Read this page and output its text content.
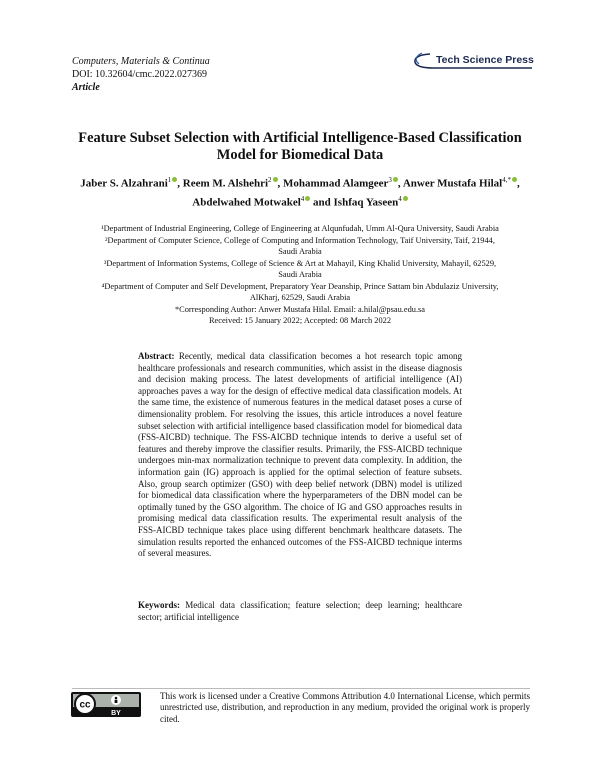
Computers, Materials & Continua
DOI: 10.32604/cmc.2022.027369
Article
Tech Science Press
Feature Subset Selection with Artificial Intelligence-Based Classification
Model for Biomedical Data
Jaber S. Alzahrani$^1$ , Reem M. Alshehri$^2$ , Mohammad Alamgeer$^3$ , Anwer Mustafa Hilal$^{4,*}$ ,
Abdelwahed Motwakel$^4$ and Ishfaq Yaseen$^4$
¹Department of Industrial Engineering, College of Engineering at Alqunfudah, Umm Al-Qura University, Saudi Arabia
²Department of Computer Science, College of Computing and Information Technology, Taif University, Taif, 21944,
Saudi Arabia
³Department of Information Systems, College of Science & Art at Mahayil, King Khalid University, Mahayil, 62529,
Saudi Arabia
⁴Department of Computer and Self Development, Preparatory Year Deanship, Prince Sattam bin Abdulaziz University,
AlKharj, 62529, Saudi Arabia
*Corresponding Author: Anwer Mustafa Hilal. Email: a.hilal@psau.edu.sa
Received: 15 January 2022; Accepted: 08 March 2022
Abstract: Recently, medical data classification becomes a hot research topic among healthcare professionals and research communities, which assist in the disease diagnosis and decision making process. The latest developments of artificial intelligence (AI) approaches paves a way for the design of effective medical data classification models. At the same time, the existence of numerous features in the medical dataset poses a curse of dimensionality problem. For resolving the issues, this article introduces a novel feature subset selection with artificial intelligence based classification model for biomedical data (FSS-AICBD) technique. The FSS-AICBD technique intends to derive a useful set of features and thereby improve the classifier results. Primarily, the FSS-AICBD technique undergoes min-max normalization technique to prevent data complexity. In addition, the information gain (IG) approach is applied for the optimal selection of feature subsets. Also, group search optimizer (GSO) with deep belief network (DBN) model is utilized for biomedical data classification where the hyperparameters of the DBN model can be optimally tuned by the GSO algorithm. The choice of IG and GSO approaches results in promising medical data classification results. The experimental result analysis of the FSS-AICBD technique takes place using different benchmark healthcare datasets. The simulation results reported the enhanced outcomes of the FSS-AICBD technique interms of several measures.
Keywords: Medical data classification; feature selection; deep learning; healthcare sector; artificial intelligence
cc
BY
This work is licensed under a Creative Commons Attribution 4.0 International License, which permits unrestricted use, distribution, and reproduction in any medium, provided the original work is properly cited.
